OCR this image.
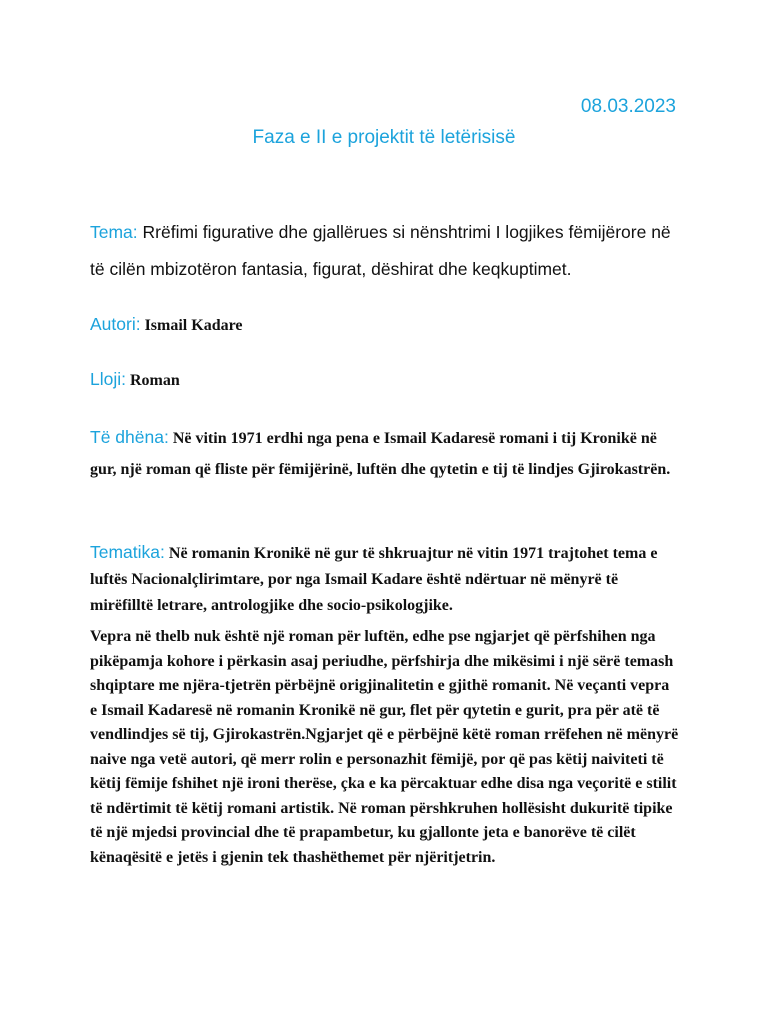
08.03.2023
Faza e II e projektit të letërisisë

Tema: Rrëfimi figurative dhe gjallërues si nënshtrimi I logjikes fëmijërore në të cilën mbizotëron fantasia, figurat, dëshirat dhe keqkuptimet.

Autori: Ismail Kadare

Lloji: Roman

Të dhëna: Në vitin 1971 erdhi nga pena e Ismail Kadaresë romani i tij Kronikë në gur, një roman që fliste për fëmijërinë, luftën dhe qytetin e tij të lindjes Gjirokastrën.

Tematika: Në romanin Kronikë në gur të shkruajtur në vitin 1971 trajtohet tema e luftës Nacionalçlirimtare, por nga Ismail Kadare është ndërtuar në mënyrë të mirëfilltë letrare, antrologjike dhe socio-psikologjike.

Vepra në thelb nuk është një roman për luftën, edhe pse ngjarjet që përfshihen nga pikëpamja kohore i përkasin asaj periudhe, përfshirja dhe mikësimi i një sërë temash shqiptare me njëra-tjetrën përbëjnë origjinalitetin e gjithë romanit. Në veçanti vepra e Ismail Kadaresë në romanin Kronikë në gur, flet për qytetin e gurit, pra për atë të vendlindjes së tij, Gjirokastrën.Ngjarjet që e përbëjnë këtë roman rrëfehen në mënyrë naive nga vetë autori, që merr rolin e personazhit fëmijë, por që pas këtij naiviteti të këtij fëmije fshihet një ironi therëse, çka e ka përcaktuar edhe disa nga veçoritë e stilit të ndërtimit të këtij romani artistik. Në roman përshkruhen hollësisht dukuritë tipike të një mjedsi provincial dhe të prapambetur, ku gjallonte jeta e banorëve të cilët kënaqësitë e jetës i gjenin tek thashëthemet për njëritjetrin.
